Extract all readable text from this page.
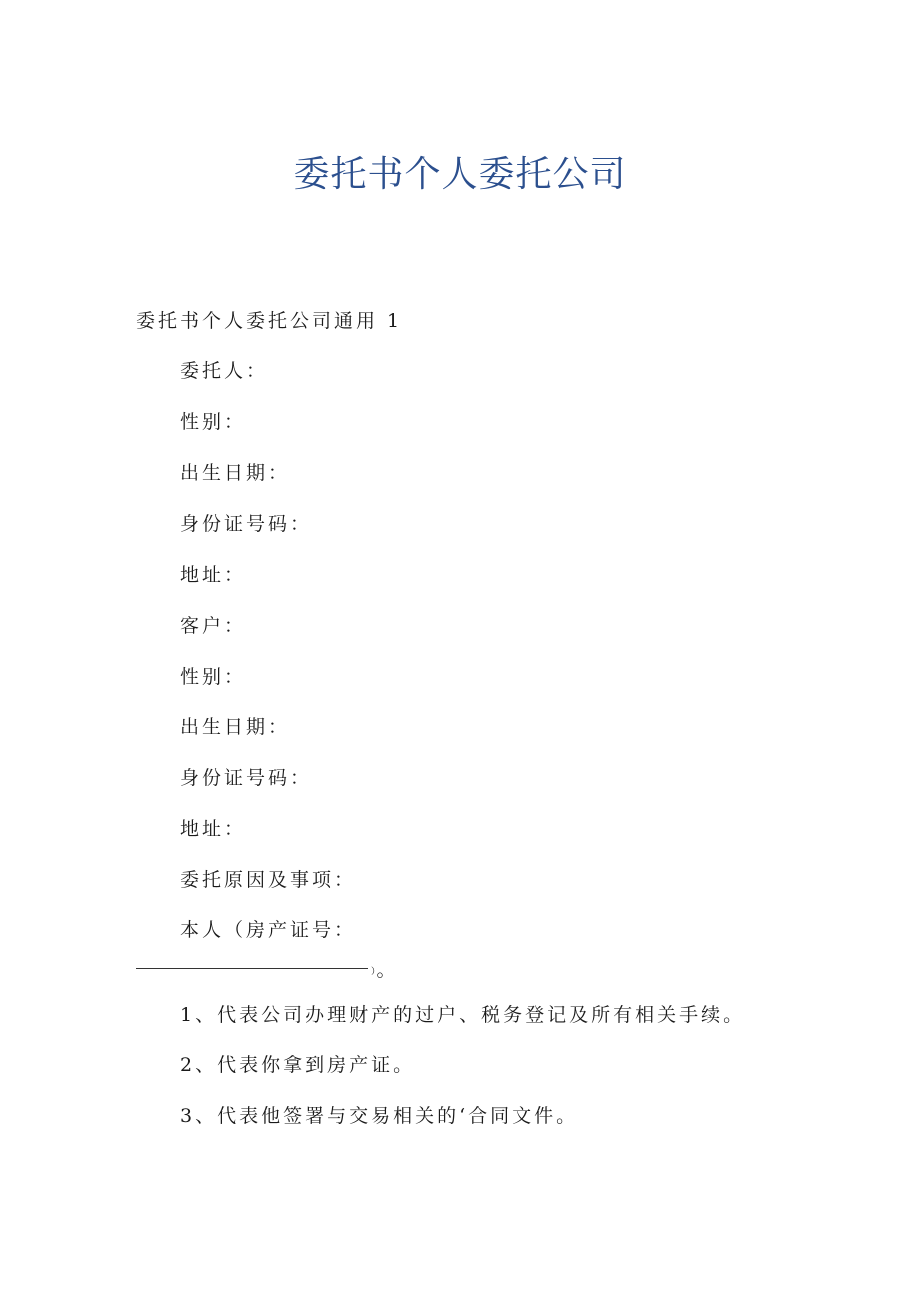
委托书个人委托公司
委托书个人委托公司通用 1
委托人：
性别：
出生日期：
身份证号码：
地址：
客户：
性别：
出生日期：
身份证号码：
地址：
委托原因及事项：
本人（房产证号：
）。
1、代表公司办理财产的过户、税务登记及所有相关手续。
2、代表你拿到房产证。
3、代表他签署与交易相关的‘合同文件。
